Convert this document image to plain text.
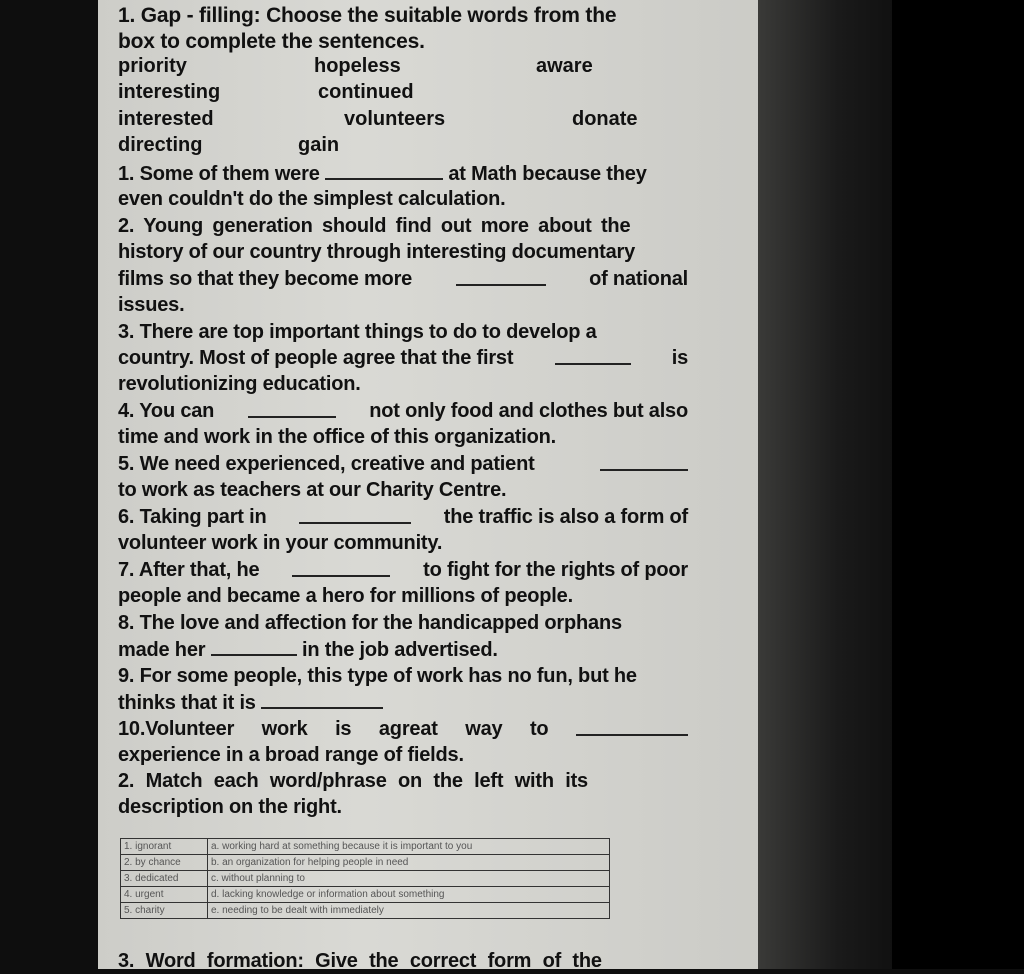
1. Gap - filling: Choose the suitable words from the
box to complete the sentences.
priority	hopeless	aware
interesting	continued
interested	volunteers	donate
directing	gain
1. Some of them were	at Math because they
even couldn't do the simplest calculation.
2. Young generation should find out more about the
history of our country through interesting documentary
films so that they become more	of national
issues.
3. There are top important things to do to develop a
country. Most of people agree that the first	is
revolutionizing education.
4. You can	not only food and clothes but also
time and work in the office of this organization.
5. We need experienced, creative and patient
to work as teachers at our Charity Centre.
6. Taking part in	the traffic is also a form of
volunteer work in your community.
7. After that, he	to fight for the rights of poor
people and became a hero for millions of people.
8. The love and affection for the handicapped orphans
made her	in the job advertised.
9. For some people, this type of work has no fun, but he
thinks that it is
10.Volunteer work is agreat way to
experience in a broad range of fields.
2. Match each word/phrase on the left with its
description on the right.
1. ignorant	a. working hard at something because it is important to you
2. by chance	b. an organization for helping people in need
3. dedicated	c. without planning to
4. urgent	d. lacking knowledge or information about something
5. charity	e. needing to be dealt with immediately
3. Word formation: Give the correct form of the
